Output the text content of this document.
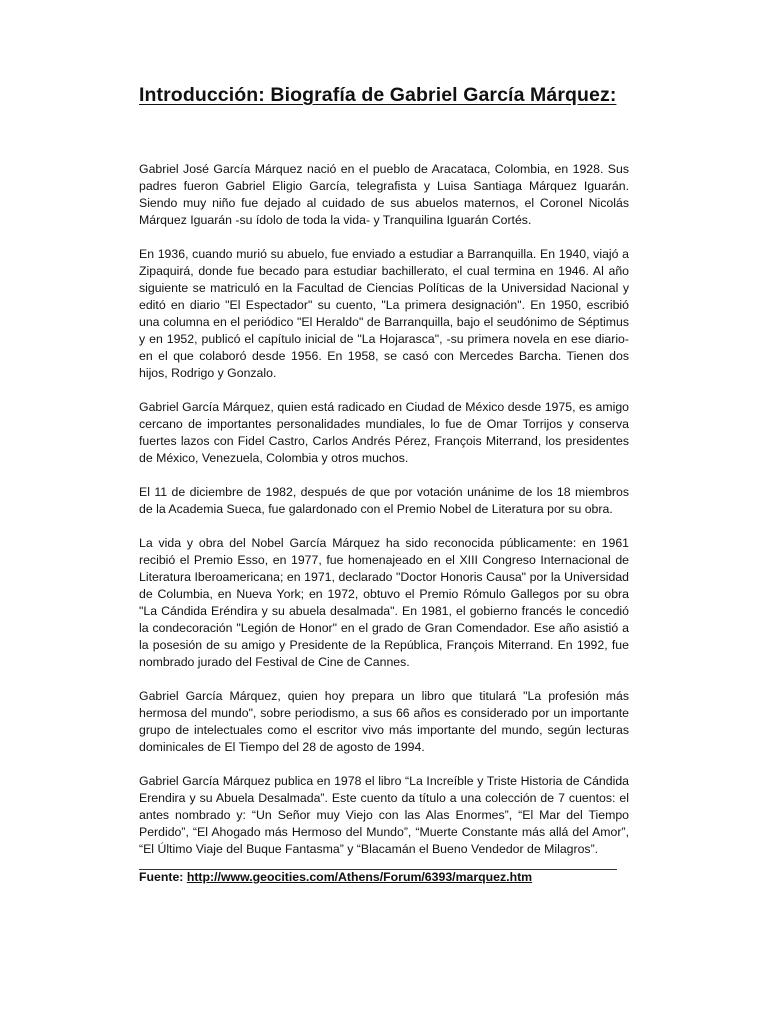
Introducción: Biografía de Gabriel García Márquez:

Gabriel José García Márquez nació en el pueblo de Aracataca, Colombia, en 1928. Sus padres fueron Gabriel Eligio García, telegrafista y Luisa Santiaga Márquez Iguarán. Siendo muy niño fue dejado al cuidado de sus abuelos maternos, el Coronel Nicolás Márquez Iguarán -su ídolo de toda la vida- y Tranquilina Iguarán Cortés.

En 1936, cuando murió su abuelo, fue enviado a estudiar a Barranquilla. En 1940, viajó a Zipaquirá, donde fue becado para estudiar bachillerato, el cual termina en 1946. Al año siguiente se matriculó en la Facultad de Ciencias Políticas de la Universidad Nacional y editó en diario "El Espectador" su cuento, "La primera designación". En 1950, escribió una columna en el periódico "El Heraldo" de Barranquilla, bajo el seudónimo de Séptimus y en 1952, publicó el capítulo inicial de "La Hojarasca", -su primera novela en ese diario- en el que colaboró desde 1956. En 1958, se casó con Mercedes Barcha. Tienen dos hijos, Rodrigo y Gonzalo.

Gabriel García Márquez, quien está radicado en Ciudad de México desde 1975, es amigo cercano de importantes personalidades mundiales, lo fue de Omar Torrijos y conserva fuertes lazos con Fidel Castro, Carlos Andrés Pérez, François Miterrand, los presidentes de México, Venezuela, Colombia y otros muchos.

El 11 de diciembre de 1982, después de que por votación unánime de los 18 miembros de la Academia Sueca, fue galardonado con el Premio Nobel de Literatura por su obra.

La vida y obra del Nobel García Márquez ha sido reconocida públicamente: en 1961 recibió el Premio Esso, en 1977, fue homenajeado en el XIII Congreso Internacional de Literatura Iberoamericana; en 1971, declarado "Doctor Honoris Causa" por la Universidad de Columbia, en Nueva York; en 1972, obtuvo el Premio Rómulo Gallegos por su obra "La Cándida Eréndira y su abuela desalmada". En 1981, el gobierno francés le concedió la condecoración "Legión de Honor" en el grado de Gran Comendador. Ese año asistió a la posesión de su amigo y Presidente de la República, François Miterrand. En 1992, fue nombrado jurado del Festival de Cine de Cannes.

Gabriel García Márquez, quien hoy prepara un libro que titulará "La profesión más hermosa del mundo", sobre periodismo, a sus 66 años es considerado por un importante grupo de intelectuales como el escritor vivo más importante del mundo, según lecturas dominicales de El Tiempo del 28 de agosto de 1994.

Gabriel García Márquez publica en 1978 el libro “La Increíble y Triste Historia de Cándida Erendira y su Abuela Desalmada”. Este cuento da título a una colección de 7 cuentos: el antes nombrado y: “Un Señor muy Viejo con las Alas Enormes”, “El Mar del Tiempo Perdido”, “El Ahogado más Hermoso del Mundo”, “Muerte Constante más allá del Amor”, “El Último Viaje del Buque Fantasma” y “Blacamán el Bueno Vendedor de Milagros”.

Fuente: http://www.geocities.com/Athens/Forum/6393/marquez.htm
